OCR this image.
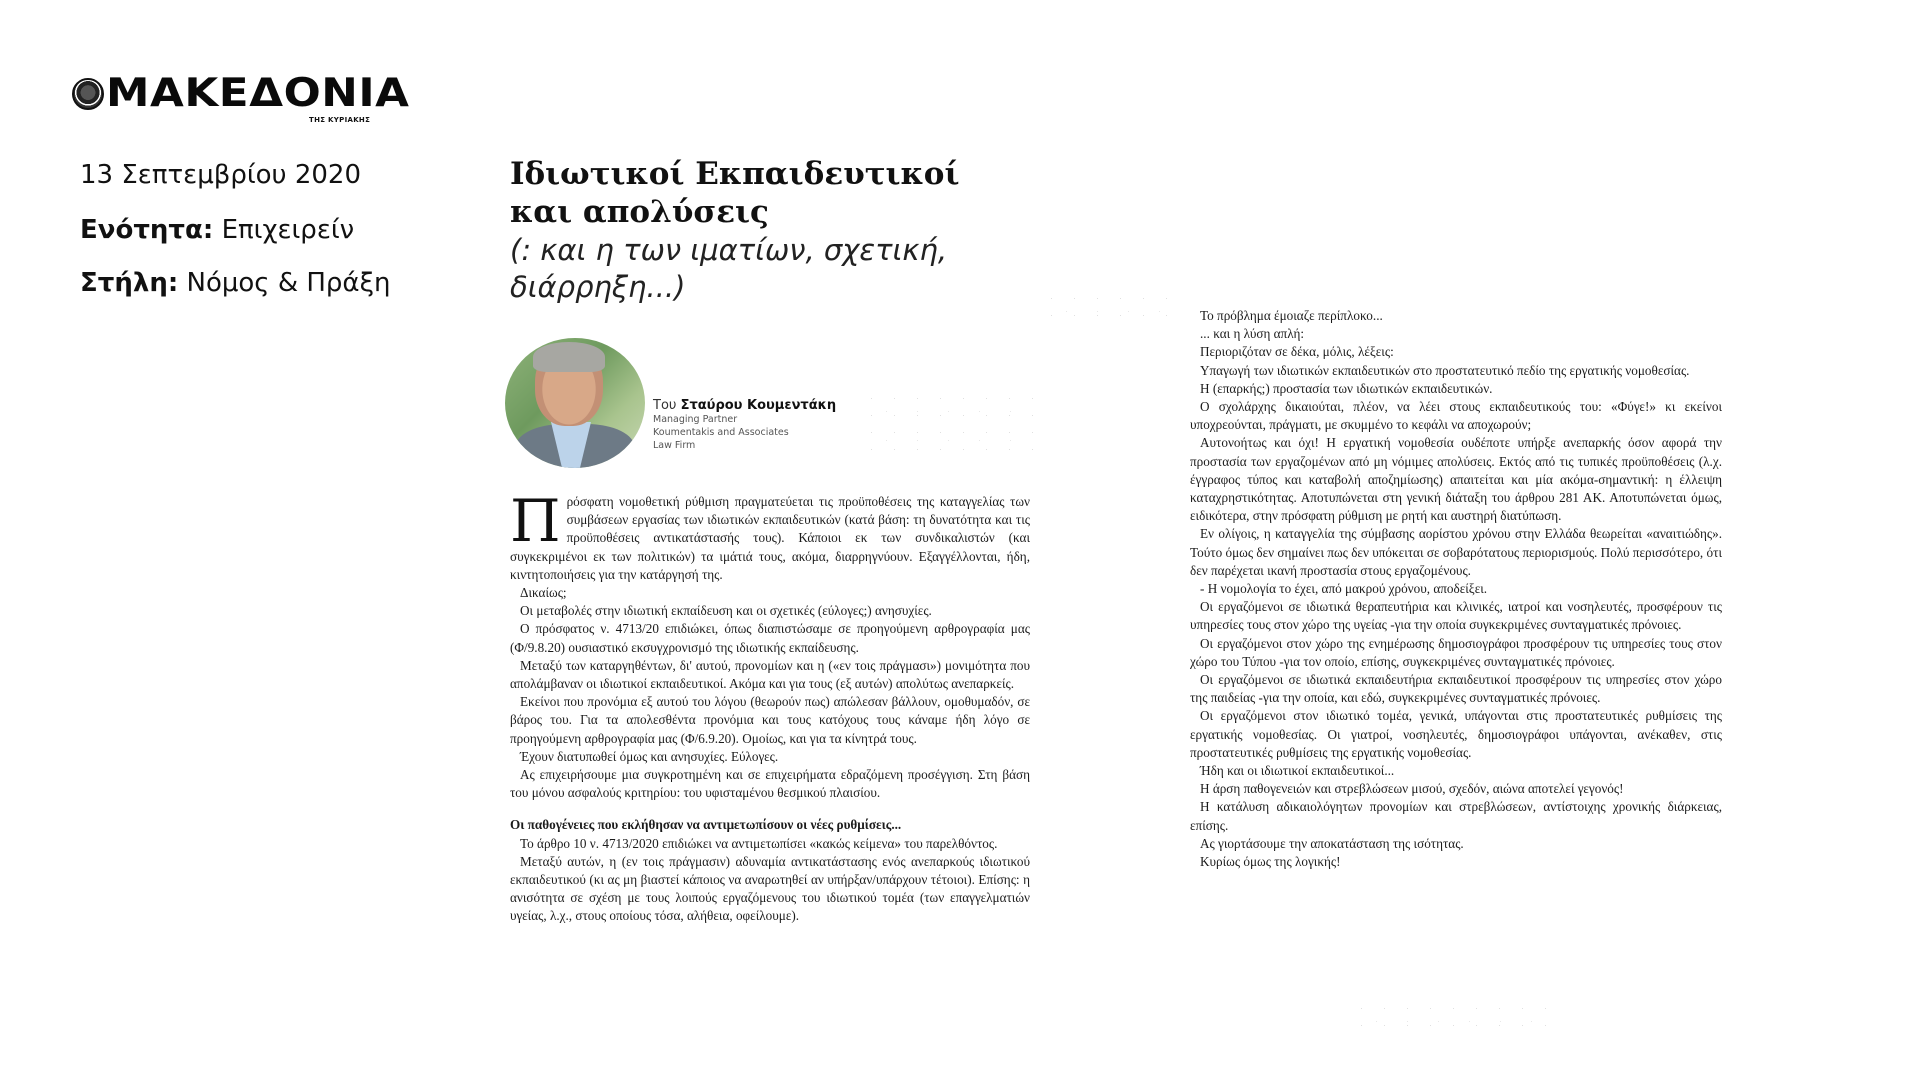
ΜΑΚΕΔΟΝΙΑ
ΤΗΣ ΚΥΡΙΑΚΗΣ
13 Σεπτεμβρίου 2020
Ενότητα: Επιχειρείν
Στήλη: Νόμος & Πράξη
Ιδιωτικοί Εκπαιδευτικοί
και απολύσεις
(: και η των ιματίων, σχετική,
διάρρηξη...)
Του Σταύρου Κουμεντάκη
Managing Partner
Koumentakis and Associates
Law Firm

Πρόσφατη νομοθετική ρύθμιση πραγματεύεται τις προϋποθέσεις της καταγγελίας των συμβάσεων εργασίας των ιδιωτικών εκπαιδευτικών (κατά βάση: τη δυνατότητα και τις προϋποθέσεις αντικατάστασής τους). Κάποιοι εκ των συνδικαλιστών (και συγκεκριμένοι εκ των πολιτικών) τα ιμάτιά τους, ακόμα, διαρρηγνύουν. Εξαγγέλλονται, ήδη, κιντητοποιήσεις για την κατάργησή της.

Δικαίως;

Οι μεταβολές στην ιδιωτική εκπαίδευση και οι σχετικές (εύλογες;) ανησυχίες.

Ο πρόσφατος ν. 4713/20 επιδιώκει, όπως διαπιστώσαμε σε προηγούμενη αρθρογραφία μας (Φ/9.8.20) ουσιαστικό εκσυγχρονισμό της ιδιωτικής εκπαίδευσης.

Μεταξύ των καταργηθέντων, δι' αυτού, προνομίων και η («εν τοις πράγμασι») μονιμότητα που απολάμβαναν οι ιδιωτικοί εκπαιδευτικοί. Ακόμα και για τους (εξ αυτών) απολύτως ανεπαρκείς.

Εκείνοι που προνόμια εξ αυτού του λόγου (θεωρούν πως) απώλεσαν βάλλουν, ομοθυμαδόν, σε βάρος του. Για τα απολεσθέντα προνόμια και τους κατόχους τους κάναμε ήδη λόγο σε προηγούμενη αρθρογραφία μας (Φ/6.9.20). Ομοίως, και για τα κίνητρά τους.

Έχουν διατυπωθεί όμως και ανησυχίες. Εύλογες.

Ας επιχειρήσουμε μια συγκροτημένη και σε επιχειρήματα εδραζόμενη προσέγγιση. Στη βάση του μόνου ασφαλούς κριτηρίου: του υφισταμένου θεσμικού πλαισίου.

Οι παθογένειες που εκλήθησαν να αντιμετωπίσουν οι νέες ρυθμίσεις...

Το άρθρο 10 ν. 4713/2020 επιδιώκει να αντιμετωπίσει «κακώς κείμενα» του παρελθόντος.

Μεταξύ αυτών, η (εν τοις πράγμασιν) αδυναμία αντικατάστασης ενός ανεπαρκούς ιδιωτικού εκπαιδευτικού (κι ας μη βιαστεί κάποιος να αναρωτηθεί αν υπήρξαν/υπάρχουν τέτοιοι). Επίσης: η ανισότητα σε σχέση με τους λοιπούς εργαζόμενους του ιδιωτικού τομέα (των επαγγελματιών υγείας, λ.χ., στους οποίους τόσα, αλήθεια, οφείλουμε).

Το πρόβλημα έμοιαζε περίπλοκο...

... και η λύση απλή:

Περιοριζόταν σε δέκα, μόλις, λέξεις:

Υπαγωγή των ιδιωτικών εκπαιδευτικών στο προστατευτικό πεδίο της εργατικής νομοθεσίας.

Η (επαρκής;) προστασία των ιδιωτικών εκπαιδευτικών.

Ο σχολάρχης δικαιούται, πλέον, να λέει στους εκπαιδευτικούς του: «Φύγε!» κι εκείνοι υποχρεούνται, πράγματι, με σκυμμένο το κεφάλι να αποχωρούν;

Αυτονοήτως και όχι! Η εργατική νομοθεσία ουδέποτε υπήρξε ανεπαρκής όσον αφορά την προστασία των εργαζομένων από μη νόμιμες απολύσεις. Εκτός από τις τυπικές προϋποθέσεις (λ.χ. έγγραφος τύπος και καταβολή αποζημίωσης) απαιτείται και μία ακόμα-σημαντική: η έλλειψη καταχρηστικότητας. Αποτυπώνεται στη γενική διάταξη του άρθρου 281 ΑΚ. Αποτυπώνεται όμως, ειδικότερα, στην πρόσφατη ρύθμιση με ρητή και αυστηρή διατύπωση.

Εν ολίγοις, η καταγγελία της σύμβασης αορίστου χρόνου στην Ελλάδα θεωρείται «αναιτιώδης». Τούτο όμως δεν σημαίνει πως δεν υπόκειται σε σοβαρότατους περιορισμούς. Πολύ περισσότερο, ότι δεν παρέχεται ικανή προστασία στους εργαζομένους.

- Η νομολογία το έχει, από μακρού χρόνου, αποδείξει.

Οι εργαζόμενοι σε ιδιωτικά θεραπευτήρια και κλινικές, ιατροί και νοσηλευτές, προσφέρουν τις υπηρεσίες τους στον χώρο της υγείας -για την οποία συγκεκριμένες συνταγματικές πρόνοιες.

Οι εργαζόμενοι στον χώρο της ενημέρωσης δημοσιογράφοι προσφέρουν τις υπηρεσίες τους στον χώρο του Τύπου -για τον οποίο, επίσης, συγκεκριμένες συνταγματικές πρόνοιες.

Οι εργαζόμενοι σε ιδιωτικά εκπαιδευτήρια εκπαιδευτικοί προσφέρουν τις υπηρεσίες στον χώρο της παιδείας -για την οποία, και εδώ, συγκεκριμένες συνταγματικές πρόνοιες.

Οι εργαζόμενοι στον ιδιωτικό τομέα, γενικά, υπάγονται στις προστατευτικές ρυθμίσεις της εργατικής νομοθεσίας. Οι γιατροί, νοσηλευτές, δημοσιογράφοι υπάγονται, ανέκαθεν, στις προστατευτικές ρυθμίσεις της εργατικής νομοθεσίας.

Ήδη και οι ιδιωτικοί εκπαιδευτικοί...

Η άρση παθογενειών και στρεβλώσεων μισού, σχεδόν, αιώνα αποτελεί γεγονός!

Η κατάλυση αδικαιολόγητων προνομίων και στρεβλώσεων, αντίστοιχης χρονικής διάρκειας, επίσης.

Ας γιορτάσουμε την αποκατάσταση της ισότητας.

Κυρίως όμως της λογικής!
